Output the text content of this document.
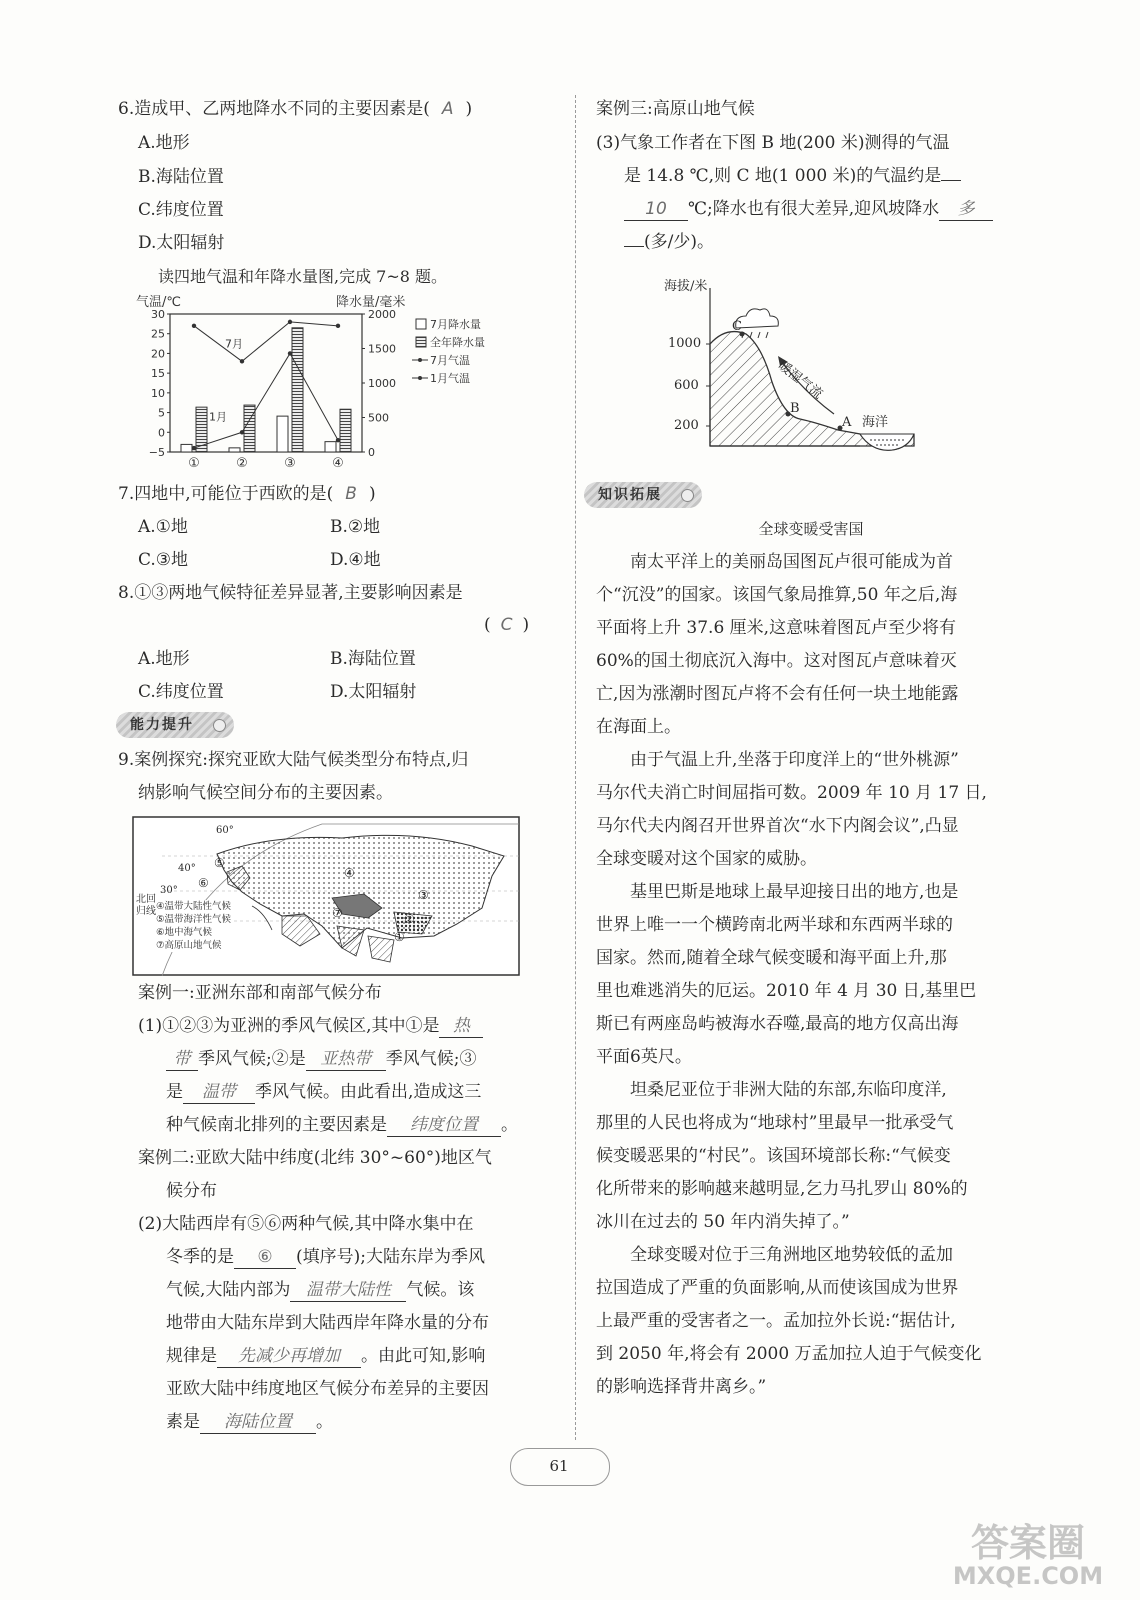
6.造成甲、乙两地降水不同的主要因素是( A )
A.地形
B.海陆位置
C.纬度位置
D.太阳辐射
读四地气温和年降水量图,完成 7~8 题。
30
25
20
15
10
5
0
−5
2000
1500
1000
500
0
气温/℃	降水量/毫米
①	②	③	④
7月
1月
7月降水量
全年降水量
7月气温
1月气温
7.四地中,可能位于西欧的是( B )
A.①地	B.②地
C.③地	D.④地
8.①③两地气候特征差异显著,主要影响因素是
( C )
A.地形	B.海陆位置
C.纬度位置	D.太阳辐射
能力提升
9.案例探究:探究亚欧大陆气候类型分布特点,归
纳影响气候空间分布的主要因素。
60°
40°
30°
北回归线
①
②
③
④
⑤
⑥
⑦
④温带大陆性气候
⑤温带海洋性气候
⑥地中海气候
⑦高原山地气候
案例一:亚洲东部和南部气候分布
(1)①②③为亚洲的季风气候区,其中①是 热
带 季风气候;②是 亚热带 季风气候;③
是 温带 季风气候。由此看出,造成这三
种气候南北排列的主要因素是 纬度位置 。
案例二:亚欧大陆中纬度(北纬 30°~60°)地区气
候分布
(2)大陆西岸有⑤⑥两种气候,其中降水集中在
冬季的是 ⑥ (填序号);大陆东岸为季风
气候,大陆内部为 温带大陆性 气候。该
地带由大陆东岸到大陆西岸年降水量的分布
规律是 先减少再增加 。由此可知,影响
亚欧大陆中纬度地区气候分布差异的主要因
素是 海陆位置 。
案例三:高原山地气候
(3)气象工作者在下图 B 地(200 米)测得的气温
是 14.8 ℃,则 C 地(1 000 米)的气温约是
10 ℃;降水也有很大差异,迎风坡降水 多
(多/少)。
海拔/米
1000
600
200
C
B
A 海洋
暖湿气流
知识拓展
全球变暖受害国
南太平洋上的美丽岛国图瓦卢很可能成为首
个“沉没”的国家。该国气象局推算,50 年之后,海
平面将上升 37.6 厘米,这意味着图瓦卢至少将有
60%的国土彻底沉入海中。这对图瓦卢意味着灭
亡,因为涨潮时图瓦卢将不会有任何一块土地能露
在海面上。
由于气温上升,坐落于印度洋上的“世外桃源”
马尔代夫消亡时间屈指可数。2009 年 10 月 17 日,
马尔代夫内阁召开世界首次“水下内阁会议”,凸显
全球变暖对这个国家的威胁。
基里巴斯是地球上最早迎接日出的地方,也是
世界上唯一一个横跨南北两半球和东西两半球的
国家。然而,随着全球气候变暖和海平面上升,那
里也难逃消失的厄运。2010 年 4 月 30 日,基里巴
斯已有两座岛屿被海水吞噬,最高的地方仅高出海
平面6英尺。
坦桑尼亚位于非洲大陆的东部,东临印度洋,
那里的人民也将成为“地球村”里最早一批承受气
候变暖恶果的“村民”。该国环境部长称:“气候变
化所带来的影响越来越明显,乞力马扎罗山 80%的
冰川在过去的 50 年内消失掉了。”
全球变暖对位于三角洲地区地势较低的孟加
拉国造成了严重的负面影响,从而使该国成为世界
上最严重的受害者之一。孟加拉外长说:“据估计,
到 2050 年,将会有 2000 万孟加拉人迫于气候变化
的影响选择背井离乡。”
61
答案圈
MXQE.COM
